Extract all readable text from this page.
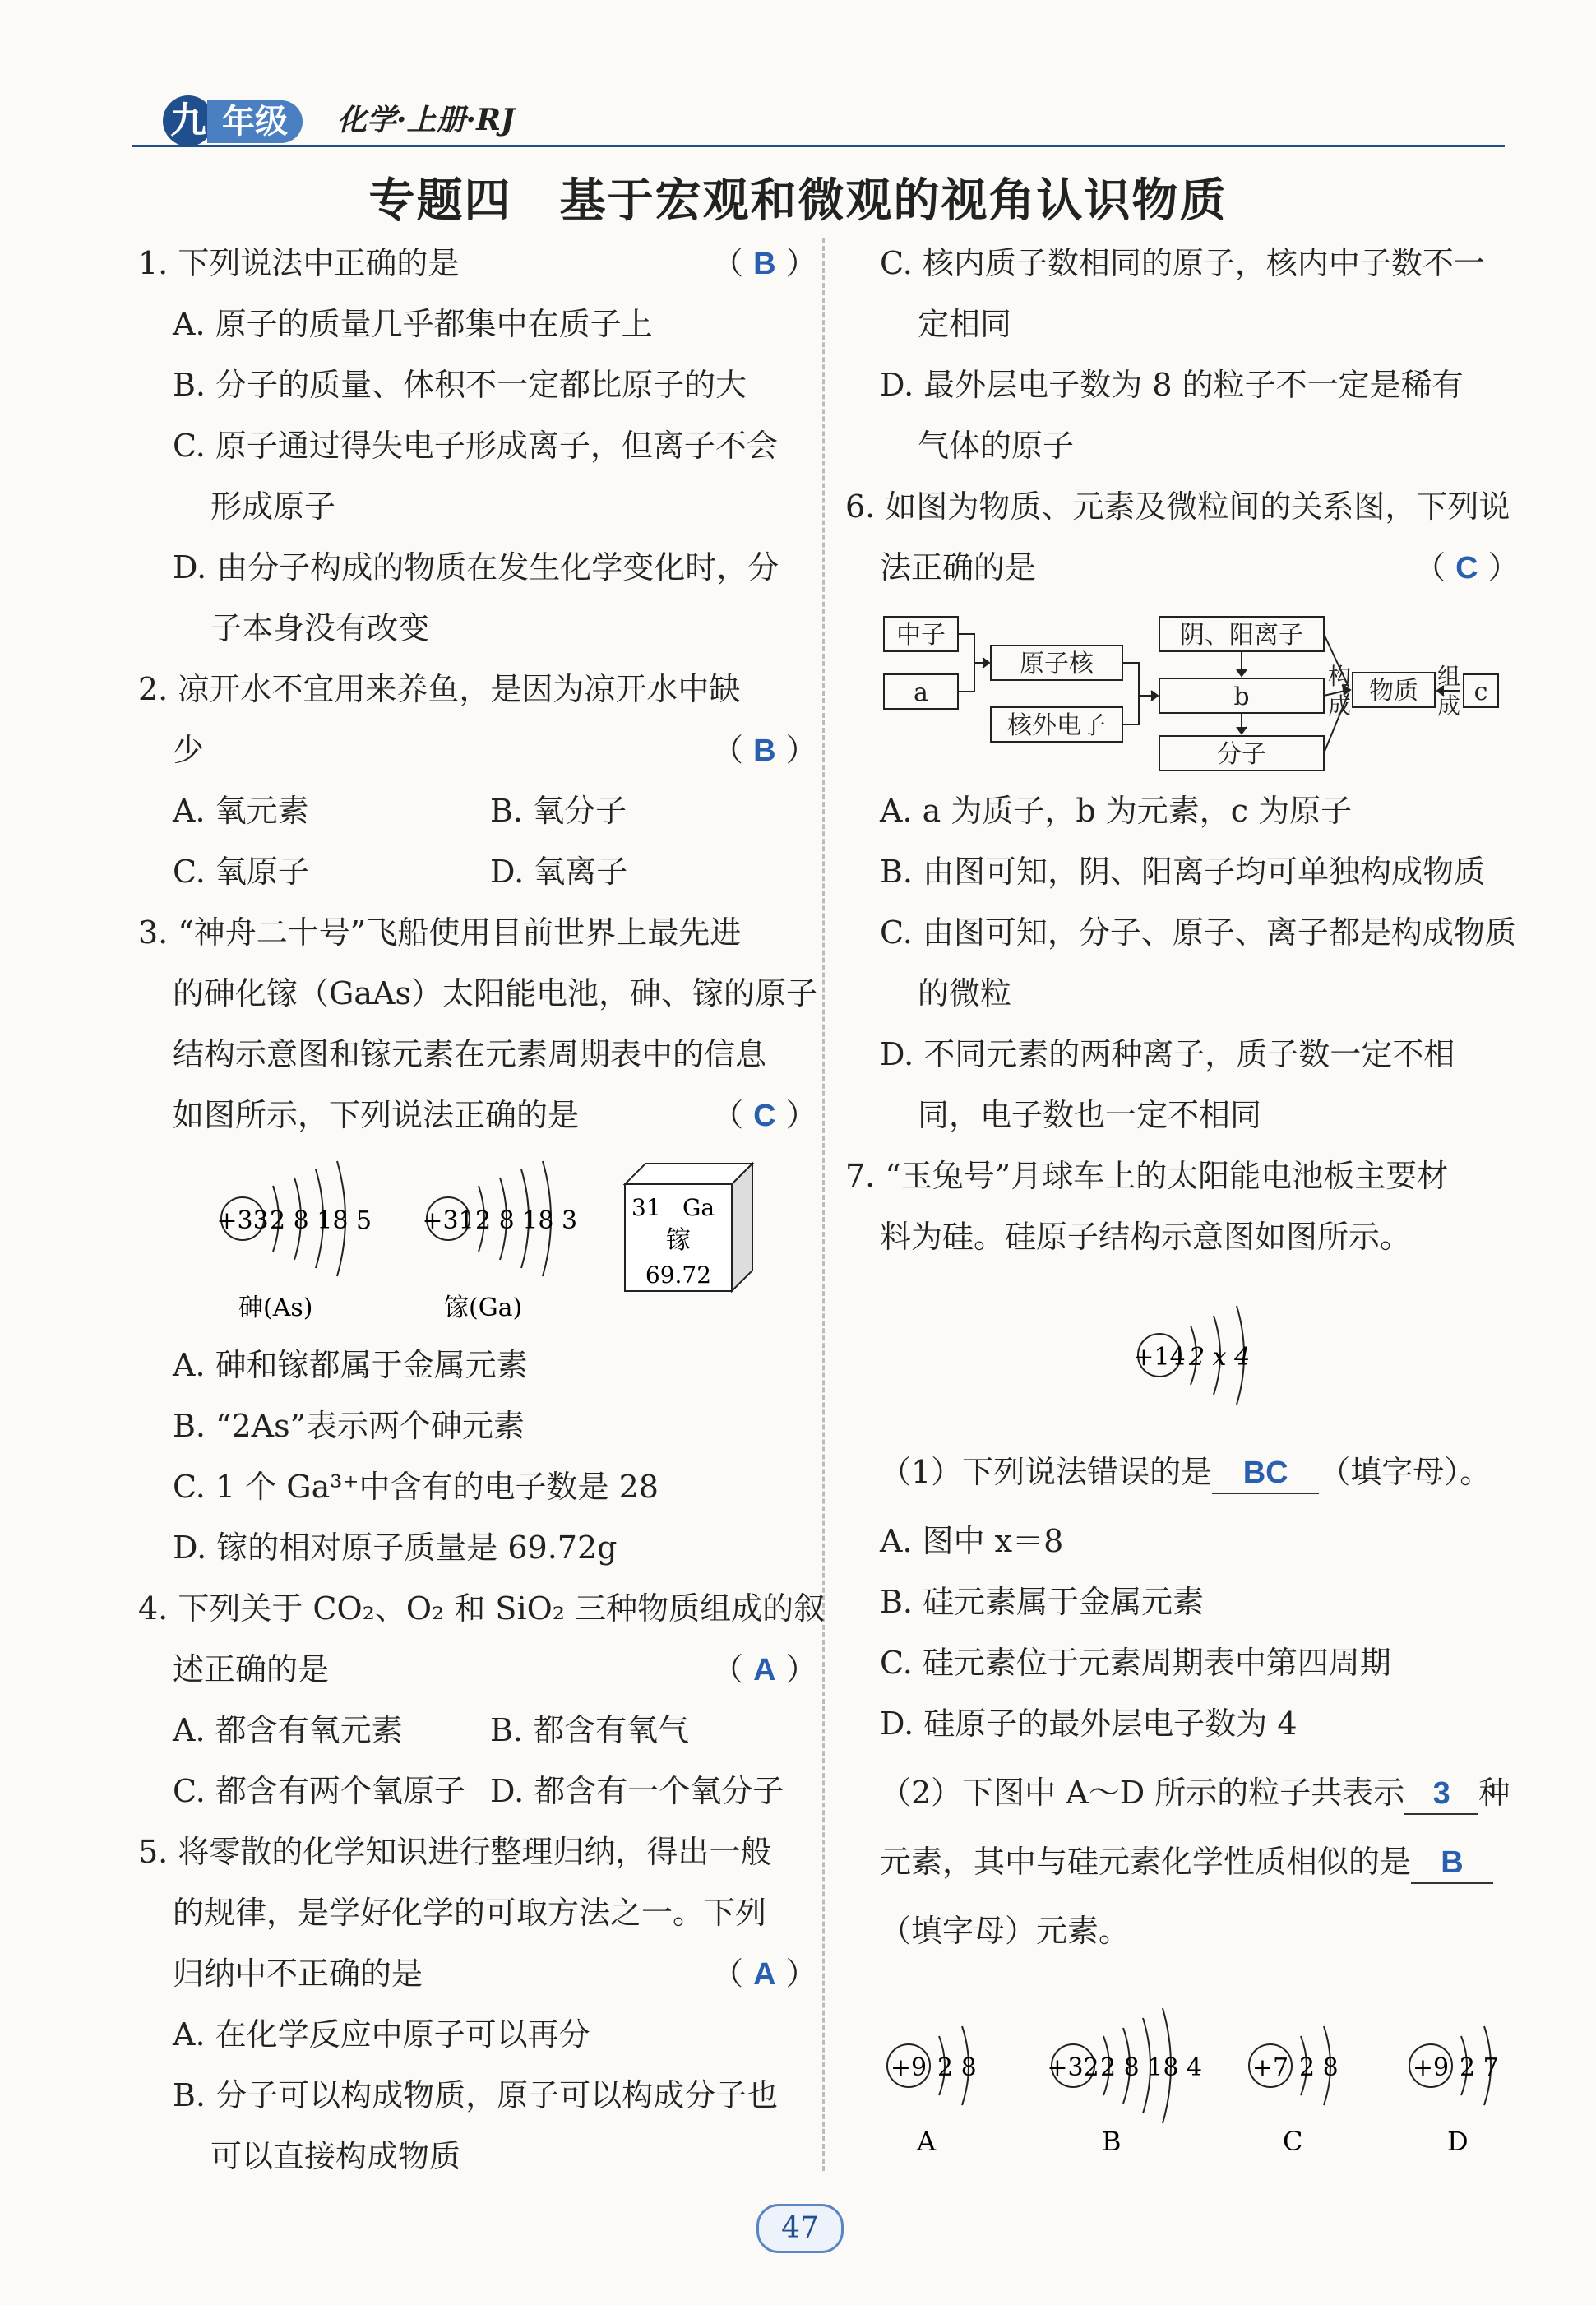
九 年级	化学·上册·RJ
专题四　基于宏观和微观的视角认识物质
1. 下列说法中正确的是	（ B ）
A. 原子的质量几乎都集中在质子上
B. 分子的质量、体积不一定都比原子的大
C. 原子通过得失电子形成离子，但离子不会
形成原子
D. 由分子构成的物质在发生化学变化时，分
子本身没有改变
2. 凉开水不宜用来养鱼，是因为凉开水中缺
少	（ B ）
A. 氧元素	B. 氧分子
C. 氧原子	D. 氧离子
3. “神舟二十号”飞船使用目前世界上最先进
的砷化镓（GaAs）太阳能电池，砷、镓的原子
结构示意图和镓元素在元素周期表中的信息
如图所示，下列说法正确的是	（ C ）
+33 2 8 18 5
砷(As)
+31 2 8 18 3
镓(Ga)
31 Ga
镓
69.72
A. 砷和镓都属于金属元素
B. “2As”表示两个砷元素
C. 1 个 Ga³⁺中含有的电子数是 28
D. 镓的相对原子质量是 69.72g
4. 下列关于 CO₂、O₂ 和 SiO₂ 三种物质组成的叙
述正确的是	（ A ）
A. 都含有氧元素	B. 都含有氧气
C. 都含有两个氧原子 D. 都含有一个氧分子
5. 将零散的化学知识进行整理归纳，得出一般
的规律，是学好化学的可取方法之一。下列
归纳中不正确的是	（ A ）
A. 在化学反应中原子可以再分
B. 分子可以构成物质，原子可以构成分子也
可以直接构成物质
C. 核内质子数相同的原子，核内中子数不一
定相同
D. 最外层电子数为 8 的粒子不一定是稀有
气体的原子
6. 如图为物质、元素及微粒间的关系图，下列说
法正确的是	（ C ）
中子
a
原子核
核外电子
阴、阳离子
b
分子
构
成
物质
组
成 c
A. a 为质子，b 为元素，c 为原子
B. 由图可知，阴、阳离子均可单独构成物质
C. 由图可知，分子、原子、离子都是构成物质
的微粒
D. 不同元素的两种离子，质子数一定不相
同，电子数也一定不相同
7. “玉兔号”月球车上的太阳能电池板主要材
料为硅。硅原子结构示意图如图所示。
+14 2 x 4
（1）下列说法错误的是 BC （填字母）。
A. 图中 x＝8
B. 硅元素属于金属元素
C. 硅元素位于元素周期表中第四周期
D. 硅原子的最外层电子数为 4
（2）下图中 A～D 所示的粒子共表示 3 种
元素，其中与硅元素化学性质相似的是 B
（填字母）元素。
+9 2 8
A
+32 2 8 18 4
B
+7 2 8
C
+9 2 7
D
47
